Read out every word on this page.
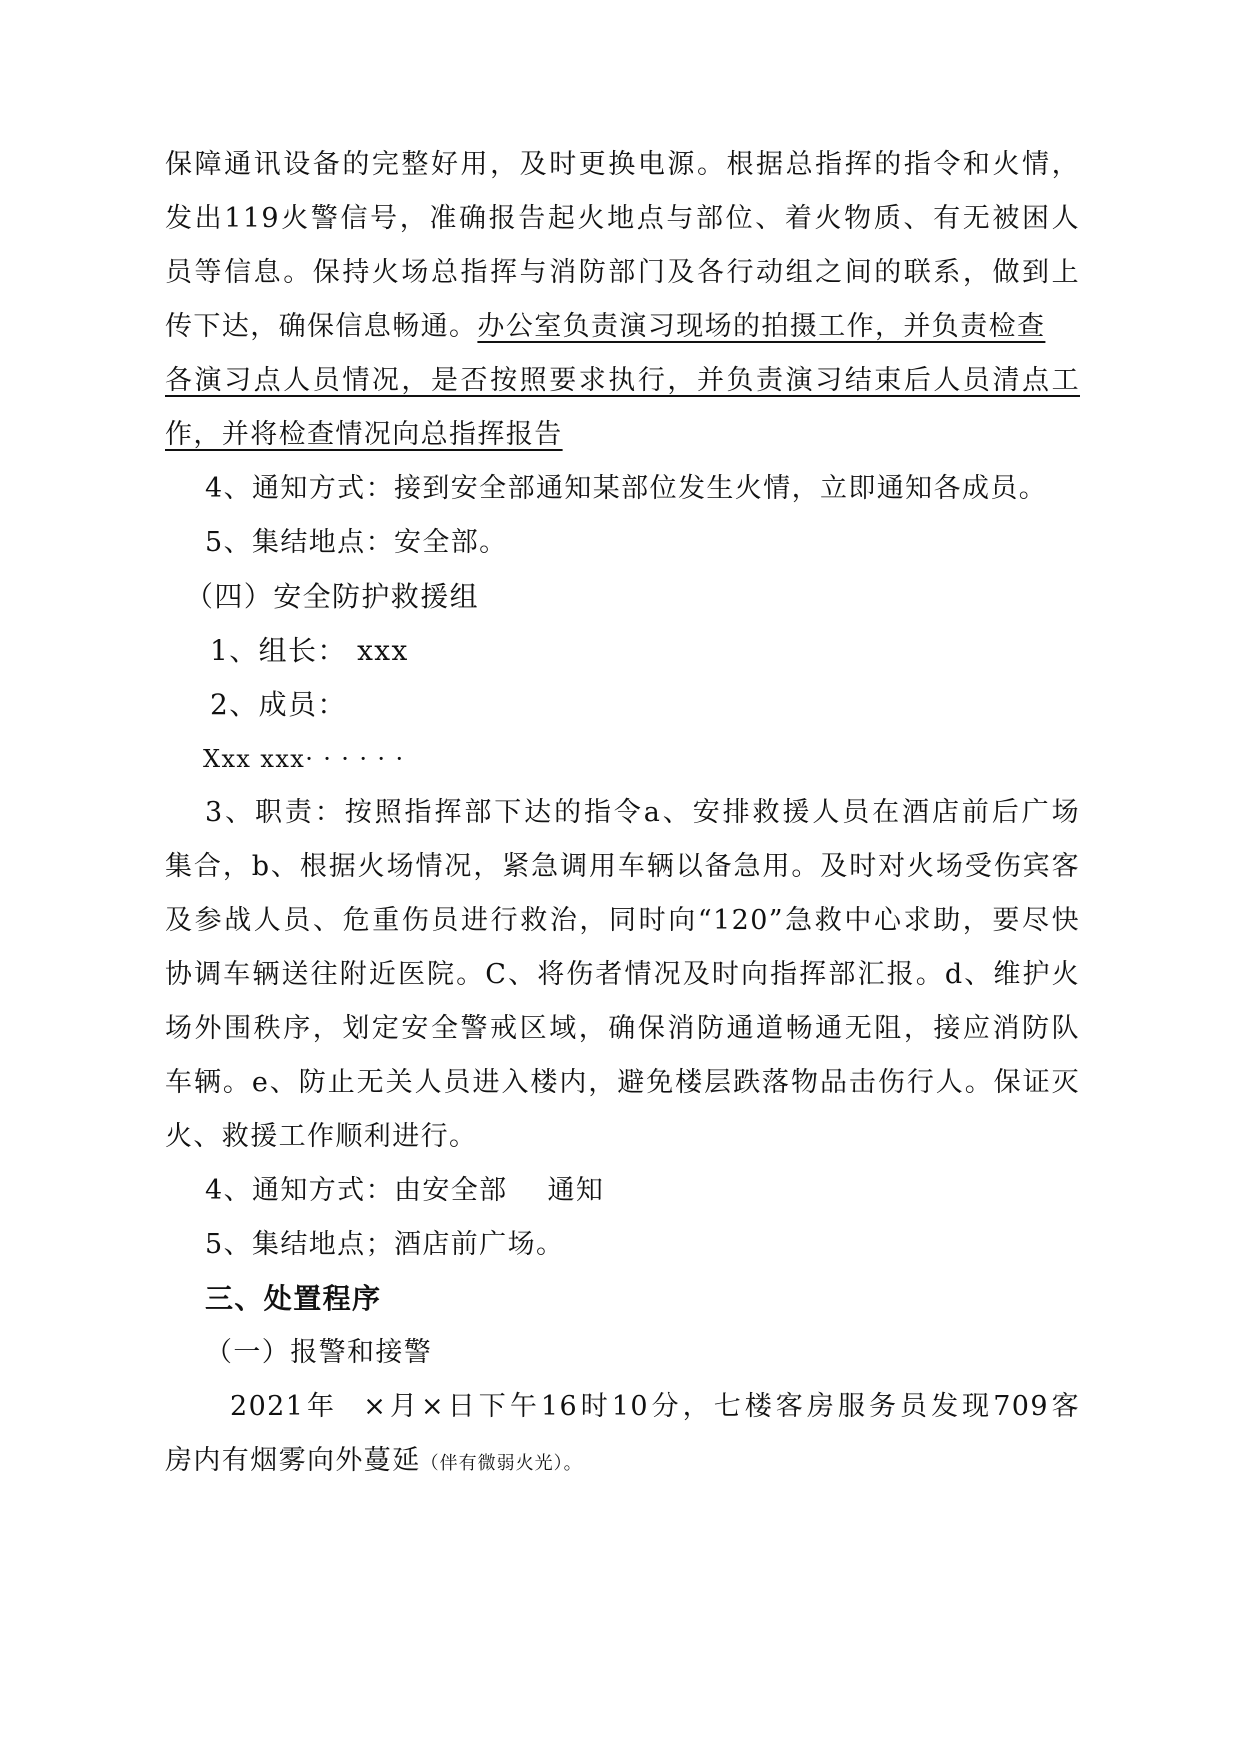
保障通讯设备的完整好用，及时更换电源。根据总指挥的指令和火情，
发出119火警信号，准确报告起火地点与部位、着火物质、有无被困人
员等信息。保持火场总指挥与消防部门及各行动组之间的联系，做到上
传下达，确保信息畅通。办公室负责演习现场的拍摄工作，并负责检查
各演习点人员情况，是否按照要求执行，并负责演习结束后人员清点工
作，并将检查情况向总指挥报告
4、通知方式：接到安全部通知某部位发生火情，立即通知各成员。
5、集结地点：安全部。
（四）安全防护救援组
1、组长： xxx
2、成员：
Xxx xxx· · · · · ·
3、职责：按照指挥部下达的指令a、安排救援人员在酒店前后广场
集合，b、根据火场情况，紧急调用车辆以备急用。及时对火场受伤宾客
及参战人员、危重伤员进行救治，同时向“120”急救中心求助，要尽快
协调车辆送往附近医院。C、将伤者情况及时向指挥部汇报。d、维护火
场外围秩序，划定安全警戒区域，确保消防通道畅通无阻，接应消防队
车辆。e、防止无关人员进入楼内，避免楼层跌落物品击伤行人。保证灭
火、救援工作顺利进行。
4、通知方式：由安全部    通知
5、集结地点；酒店前广场。
三、处置程序
（一）报警和接警
2021年  ×月×日下午16时10分，七楼客房服务员发现709客
房内有烟雾向外蔓延（伴有微弱火光）。
